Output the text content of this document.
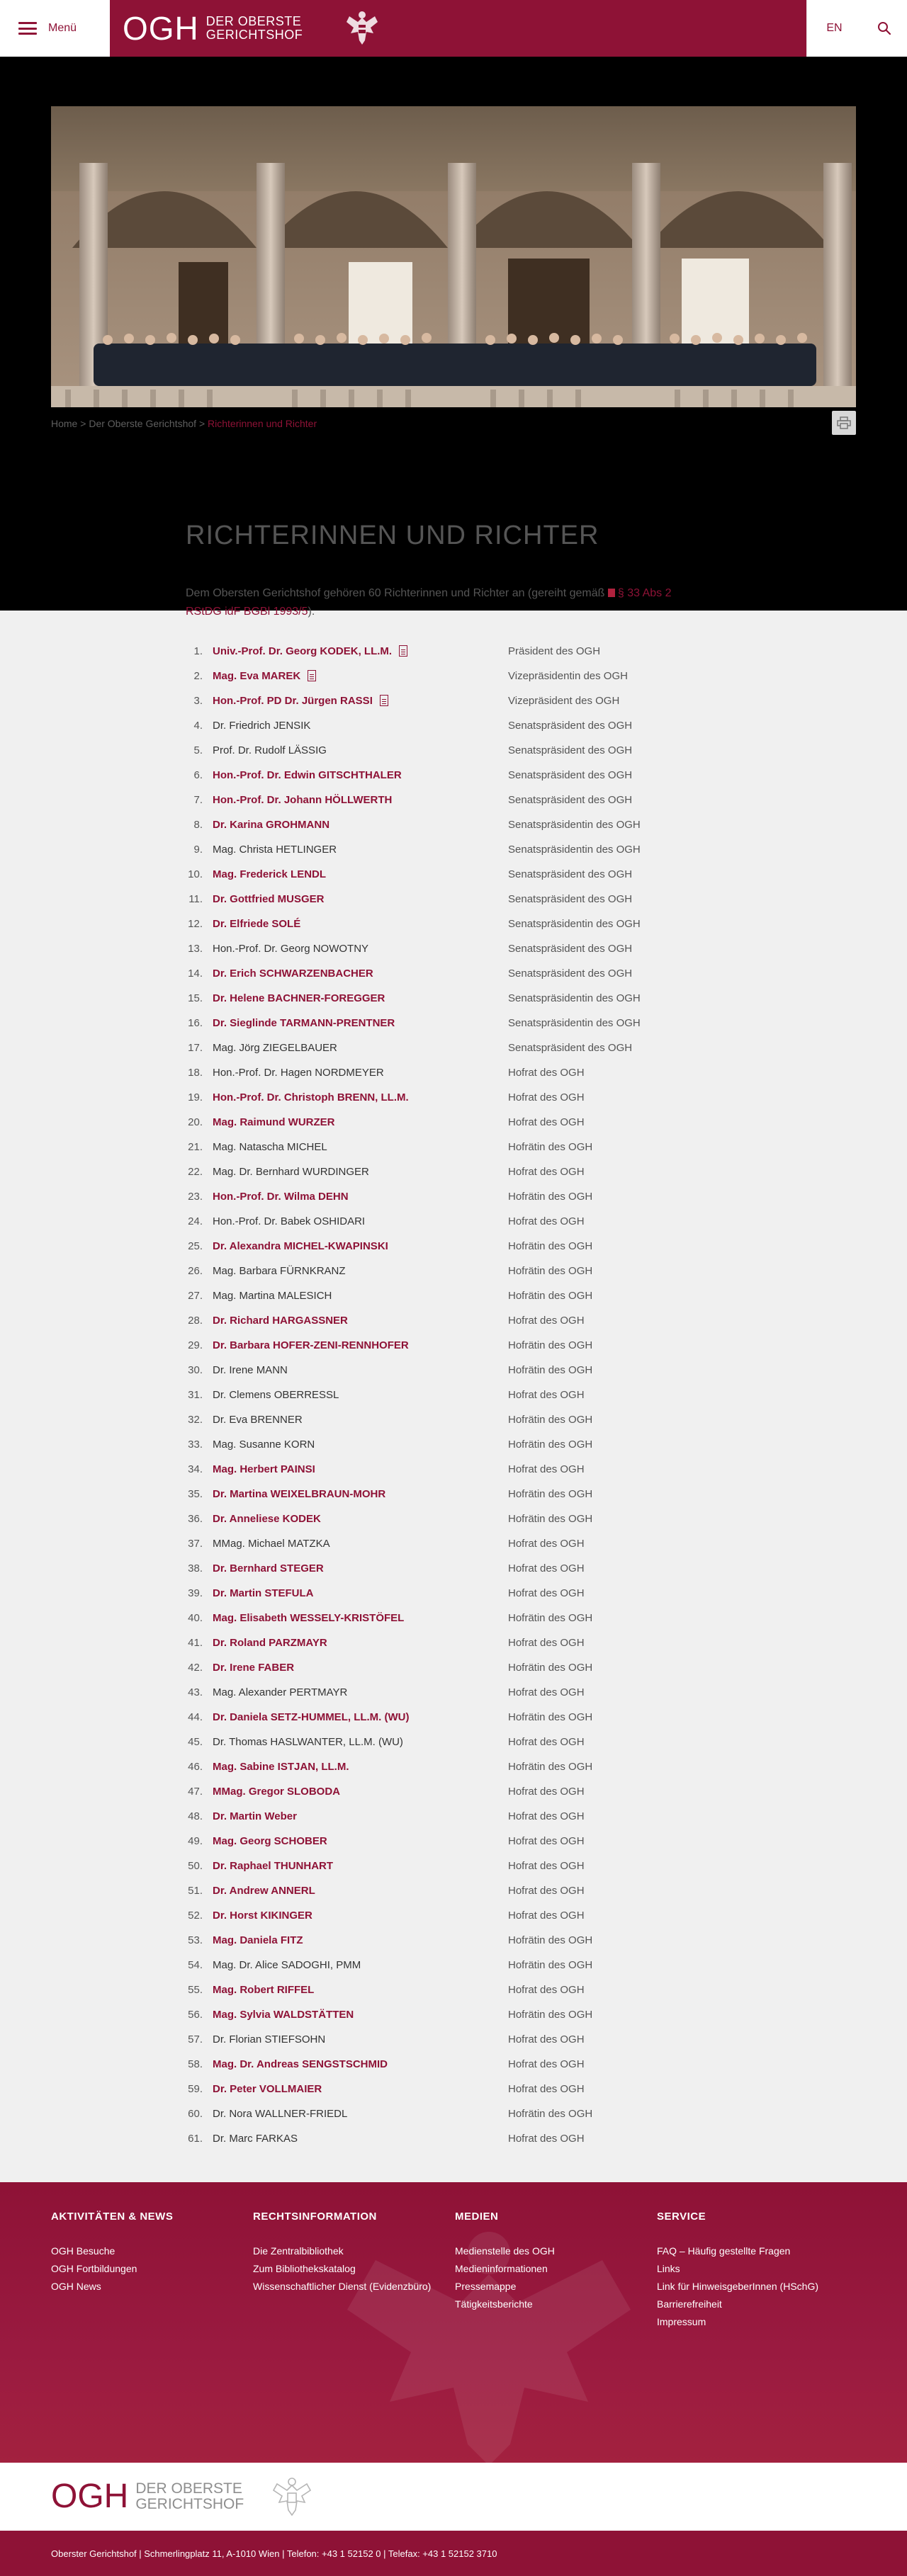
Menü OGH DER OBERSTE
GERICHTSHOF	EN
Home > Der Oberste Gerichtshof > Richterinnen und Richter
RICHTERINNEN UND RICHTER

Dem Obersten Gerichtshof gehören 60 Richterinnen und Richter an (gereiht gemäß § 33 Abs 2 RStDG idF BGBl 1993/5).

1. Univ.-Prof. Dr. Georg KODEK, LL.M.	Präsident des OGH
2. Mag. Eva MAREK	Vizepräsidentin des OGH
3. Hon.-Prof. PD Dr. Jürgen RASSI	Vizepräsident des OGH
4. Dr. Friedrich JENSIK	Senatspräsident des OGH
5. Prof. Dr. Rudolf LÄSSIG	Senatspräsident des OGH
6. Hon.-Prof. Dr. Edwin GITSCHTHALER	Senatspräsident des OGH
7. Hon.-Prof. Dr. Johann HÖLLWERTH	Senatspräsident des OGH
8. Dr. Karina GROHMANN	Senatspräsidentin des OGH
9. Mag. Christa HETLINGER	Senatspräsidentin des OGH
10. Mag. Frederick LENDL	Senatspräsident des OGH
11. Dr. Gottfried MUSGER	Senatspräsident des OGH
12. Dr. Elfriede SOLÉ	Senatspräsidentin des OGH
13. Hon.-Prof. Dr. Georg NOWOTNY	Senatspräsident des OGH
14. Dr. Erich SCHWARZENBACHER	Senatspräsident des OGH
15. Dr. Helene BACHNER-FOREGGER	Senatspräsidentin des OGH
16. Dr. Sieglinde TARMANN-PRENTNER	Senatspräsidentin des OGH
17. Mag. Jörg ZIEGELBAUER	Senatspräsident des OGH
18. Hon.-Prof. Dr. Hagen NORDMEYER	Hofrat des OGH
19. Hon.-Prof. Dr. Christoph BRENN, LL.M.	Hofrat des OGH
20. Mag. Raimund WURZER	Hofrat des OGH
21. Mag. Natascha MICHEL	Hofrätin des OGH
22. Mag. Dr. Bernhard WURDINGER	Hofrat des OGH
23. Hon.-Prof. Dr. Wilma DEHN	Hofrätin des OGH
24. Hon.-Prof. Dr. Babek OSHIDARI	Hofrat des OGH
25. Dr. Alexandra MICHEL-KWAPINSKI	Hofrätin des OGH
26. Mag. Barbara FÜRNKRANZ	Hofrätin des OGH
27. Mag. Martina MALESICH	Hofrätin des OGH
28. Dr. Richard HARGASSNER	Hofrat des OGH
29. Dr. Barbara HOFER-ZENI-RENNHOFER	Hofrätin des OGH
30. Dr. Irene MANN	Hofrätin des OGH
31. Dr. Clemens OBERRESSL	Hofrat des OGH
32. Dr. Eva BRENNER	Hofrätin des OGH
33. Mag. Susanne KORN	Hofrätin des OGH
34. Mag. Herbert PAINSI	Hofrat des OGH
35. Dr. Martina WEIXELBRAUN-MOHR	Hofrätin des OGH
36. Dr. Anneliese KODEK	Hofrätin des OGH
37. MMag. Michael MATZKA	Hofrat des OGH
38. Dr. Bernhard STEGER	Hofrat des OGH
39. Dr. Martin STEFULA	Hofrat des OGH
40. Mag. Elisabeth WESSELY-KRISTÖFEL	Hofrätin des OGH
41. Dr. Roland PARZMAYR	Hofrat des OGH
42. Dr. Irene FABER	Hofrätin des OGH
43. Mag. Alexander PERTMAYR	Hofrat des OGH
44. Dr. Daniela SETZ-HUMMEL, LL.M. (WU)	Hofrätin des OGH
45. Dr. Thomas HASLWANTER, LL.M. (WU)	Hofrat des OGH
46. Mag. Sabine ISTJAN, LL.M.	Hofrätin des OGH
47. MMag. Gregor SLOBODA	Hofrat des OGH
48. Dr. Martin Weber	Hofrat des OGH
49. Mag. Georg SCHOBER	Hofrat des OGH
50. Dr. Raphael THUNHART	Hofrat des OGH
51. Dr. Andrew ANNERL	Hofrat des OGH
52. Dr. Horst KIKINGER	Hofrat des OGH
53. Mag. Daniela FITZ	Hofrätin des OGH
54. Mag. Dr. Alice SADOGHI, PMM	Hofrätin des OGH
55. Mag. Robert RIFFEL	Hofrat des OGH
56. Mag. Sylvia WALDSTÄTTEN	Hofrätin des OGH
57. Dr. Florian STIEFSOHN	Hofrat des OGH
58. Mag. Dr. Andreas SENGSTSCHMID	Hofrat des OGH
59. Dr. Peter VOLLMAIER	Hofrat des OGH
60. Dr. Nora WALLNER-FRIEDL	Hofrätin des OGH
61. Dr. Marc FARKAS	Hofrat des OGH
AKTIVITÄTEN & NEWS
OGH Besuche
OGH Fortbildungen
OGH News
RECHTSINFORMATION
Die Zentralbibliothek
Zum Bibliothekskatalog
Wissenschaftlicher Dienst (Evidenzbüro)
MEDIEN
Medienstelle des OGH
Medieninformationen
Pressemappe
Tätigkeitsberichte
SERVICE
FAQ – Häufig gestellte Fragen
Links
Link für HinweisgeberInnen (HSchG)
Barrierefreiheit
Impressum
OGH DER OBERSTE
GERICHTSHOF
Oberster Gerichtshof | Schmerlingplatz 11, A-1010 Wien | Telefon: +43 1 52152 0 | Telefax: +43 1 52152 3710
